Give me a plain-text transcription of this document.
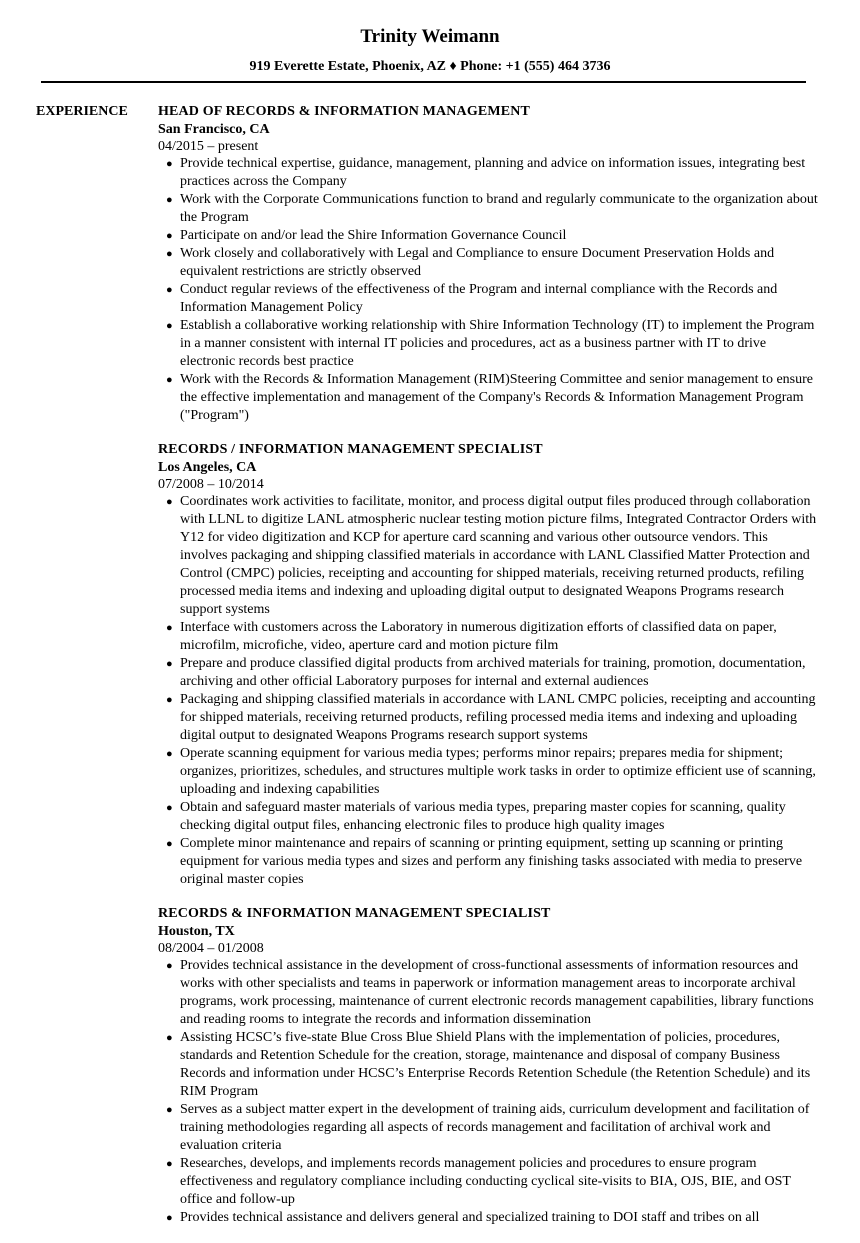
Trinity Weimann
919 Everette Estate, Phoenix, AZ ♦ Phone: +1 (555) 464 3736
EXPERIENCE	HEAD OF RECORDS & INFORMATION MANAGEMENT
San Francisco, CA
04/2015 – present
● Provide technical expertise, guidance, management, planning and advice on information issues, integrating best practices across the Company
● Work with the Corporate Communications function to brand and regularly communicate to the organization about the Program
● Participate on and/or lead the Shire Information Governance Council
● Work closely and collaboratively with Legal and Compliance to ensure Document Preservation Holds and equivalent restrictions are strictly observed
● Conduct regular reviews of the effectiveness of the Program and internal compliance with the Records and Information Management Policy
● Establish a collaborative working relationship with Shire Information Technology (IT) to implement the Program in a manner consistent with internal IT policies and procedures, act as a business partner with IT to drive electronic records best practice
● Work with the Records & Information Management (RIM)Steering Committee and senior management to ensure the effective implementation and management of the Company's Records & Information Management Program ("Program")
RECORDS / INFORMATION MANAGEMENT SPECIALIST
Los Angeles, CA
07/2008 – 10/2014
● Coordinates work activities to facilitate, monitor, and process digital output files produced through collaboration with LLNL to digitize LANL atmospheric nuclear testing motion picture films, Integrated Contractor Orders with Y12 for video digitization and KCP for aperture card scanning and various other outsource vendors. This involves packaging and shipping classified materials in accordance with LANL Classified Matter Protection and Control (CMPC) policies, receipting and accounting for shipped materials, receiving returned products, refiling processed media items and indexing and uploading digital output to designated Weapons Programs research support systems
● Interface with customers across the Laboratory in numerous digitization efforts of classified data on paper, microfilm, microfiche, video, aperture card and motion picture film
● Prepare and produce classified digital products from archived materials for training, promotion, documentation, archiving and other official Laboratory purposes for internal and external audiences
● Packaging and shipping classified materials in accordance with LANL CMPC policies, receipting and accounting for shipped materials, receiving returned products, refiling processed media items and indexing and uploading digital output to designated Weapons Programs research support systems
● Operate scanning equipment for various media types; performs minor repairs; prepares media for shipment; organizes, prioritizes, schedules, and structures multiple work tasks in order to optimize efficient use of scanning, uploading and indexing capabilities
● Obtain and safeguard master materials of various media types, preparing master copies for scanning, quality checking digital output files, enhancing electronic files to produce high quality images
● Complete minor maintenance and repairs of scanning or printing equipment, setting up scanning or printing equipment for various media types and sizes and perform any finishing tasks associated with media to preserve original master copies
RECORDS & INFORMATION MANAGEMENT SPECIALIST
Houston, TX
08/2004 – 01/2008
● Provides technical assistance in the development of cross-functional assessments of information resources and works with other specialists and teams in paperwork or information management areas to incorporate archival programs, work processing, maintenance of current electronic records management capabilities, library functions and reading rooms to integrate the records and information dissemination
● Assisting HCSC’s five-state Blue Cross Blue Shield Plans with the implementation of policies, procedures, standards and Retention Schedule for the creation, storage, maintenance and disposal of company Business Records and information under HCSC’s Enterprise Records Retention Schedule (the Retention Schedule) and its RIM Program
● Serves as a subject matter expert in the development of training aids, curriculum development and facilitation of training methodologies regarding all aspects of records management and facilitation of archival work and evaluation criteria
● Researches, develops, and implements records management policies and procedures to ensure program effectiveness and regulatory compliance including conducting cyclical site-visits to BIA, OJS, BIE, and OST office and follow-up
● Provides technical assistance and delivers general and specialized training to DOI staff and tribes on all
